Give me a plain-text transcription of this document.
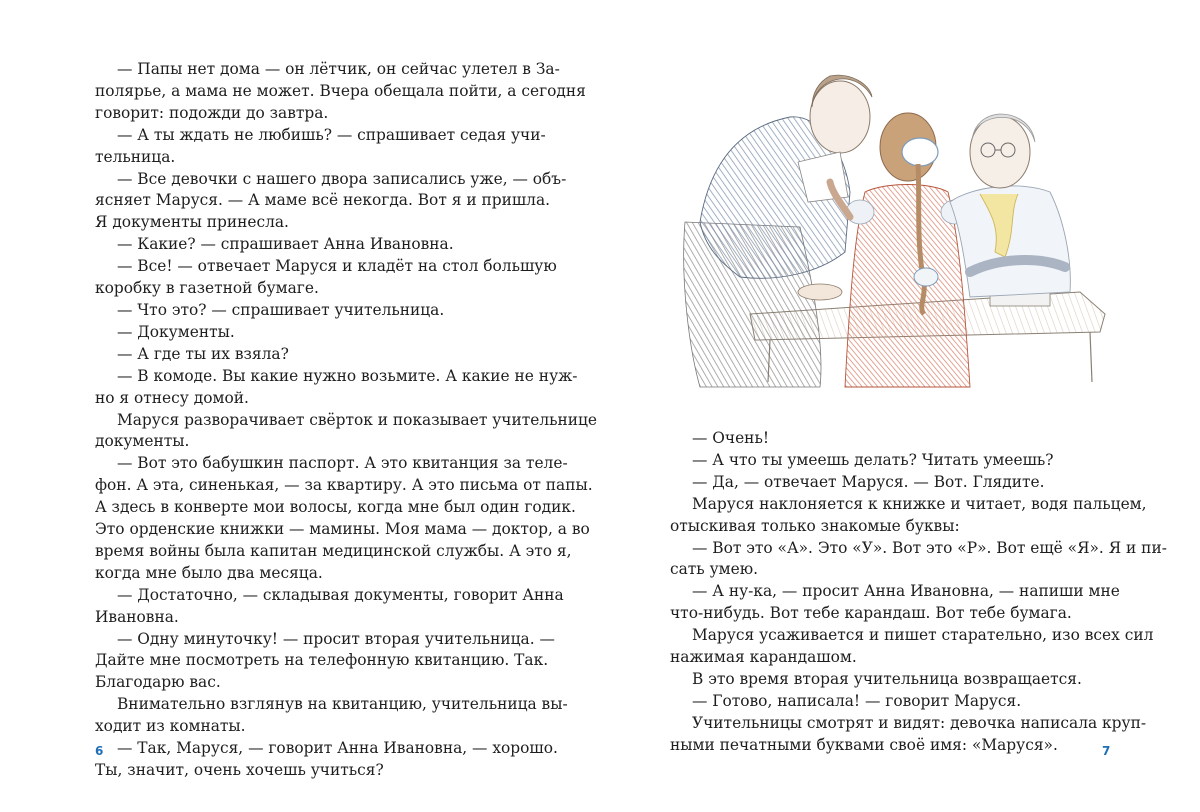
— Папы нет дома — он лётчик, он сейчас улетел в За-
полярье, а мама не может. Вчера обещала пойти, а сегодня
говорит: подожди до завтра.
— А ты ждать не любишь? — спрашивает седая учи-
тельница.
— Все девочки с нашего двора записались уже, — объ-
ясняет Маруся. — А маме всё некогда. Вот я и пришла.
Я документы принесла.
— Какие? — спрашивает Анна Ивановна.
— Все! — отвечает Маруся и кладёт на стол большую
коробку в газетной бумаге.
— Что это? — спрашивает учительница.
— Документы.
— А где ты их взяла?
— В комоде. Вы какие нужно возьмите. А какие не нуж-
но я отнесу домой.
Маруся разворачивает свёрток и показывает учительнице
документы.
— Вот это бабушкин паспорт. А это квитанция за теле-
фон. А эта, синенькая, — за квартиру. А это письма от папы.
А здесь в конверте мои волосы, когда мне был один годик.
Это орденские книжки — мамины. Моя мама — доктор, а во
время войны была капитан медицинской службы. А это я,
когда мне было два месяца.
— Достаточно, — складывая документы, говорит Анна
Ивановна.
— Одну минуточку! — просит вторая учительница. —
Дайте мне посмотреть на телефонную квитанцию. Так.
Благодарю вас.
Внимательно взглянув на квитанцию, учительница вы-
ходит из комнаты.
— Так, Маруся, — говорит Анна Ивановна, — хорошо.
Ты, значит, очень хочешь учиться?
6
— Очень!
— А что ты умеешь делать? Читать умеешь?
— Да, — отвечает Маруся. — Вот. Глядите.
Маруся наклоняется к книжке и читает, водя пальцем,
отыскивая только знакомые буквы:
— Вот это «А». Это «У». Вот это «Р». Вот ещё «Я». Я и пи-
сать умею.
— А ну-ка, — просит Анна Ивановна, — напиши мне
что-нибудь. Вот тебе карандаш. Вот тебе бумага.
Маруся усаживается и пишет старательно, изо всех сил
нажимая карандашом.
В это время вторая учительница возвращается.
— Готово, написала! — говорит Маруся.
Учительницы смотрят и видят: девочка написала круп-
ными печатными буквами своё имя: «Маруся».	7
